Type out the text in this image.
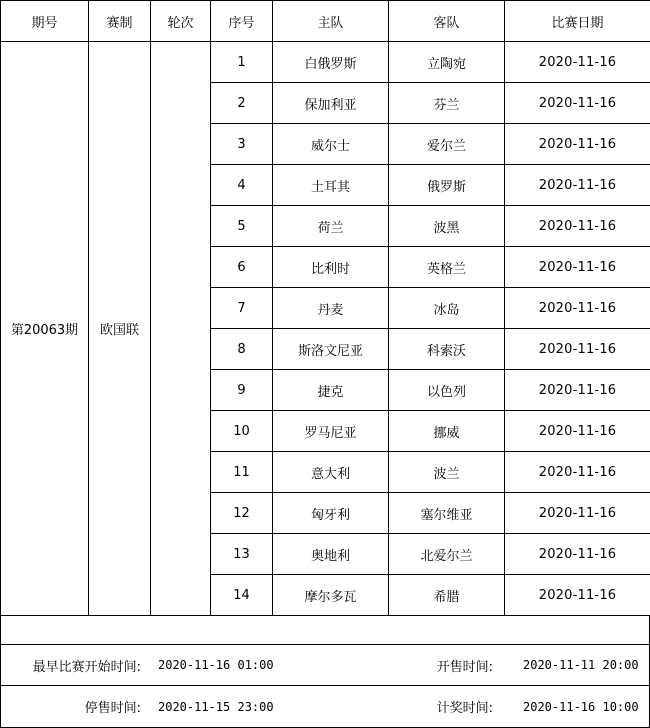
期号	赛制	轮次	序号	主队	客队	比赛日期
第20063期	欧国联		1	白俄罗斯	立陶宛	2020-11-16
			2	保加利亚	芬兰	2020-11-16
			3	威尔士	爱尔兰	2020-11-16
			4	土耳其	俄罗斯	2020-11-16
			5	荷兰	波黑	2020-11-16
			6	比利时	英格兰	2020-11-16
			7	丹麦	冰岛	2020-11-16
			8	斯洛文尼亚	科索沃	2020-11-16
			9	捷克	以色列	2020-11-16
			10	罗马尼亚	挪威	2020-11-16
			11	意大利	波兰	2020-11-16
			12	匈牙利	塞尔维亚	2020-11-16
			13	奥地利	北爱尔兰	2020-11-16
			14	摩尔多瓦	希腊	2020-11-16
最早比赛开始时间: 2020-11-16 01:00	开售时间:	2020-11-11 20:00
停售时间: 2020-11-15 23:00	计奖时间:	2020-11-16 10:00
